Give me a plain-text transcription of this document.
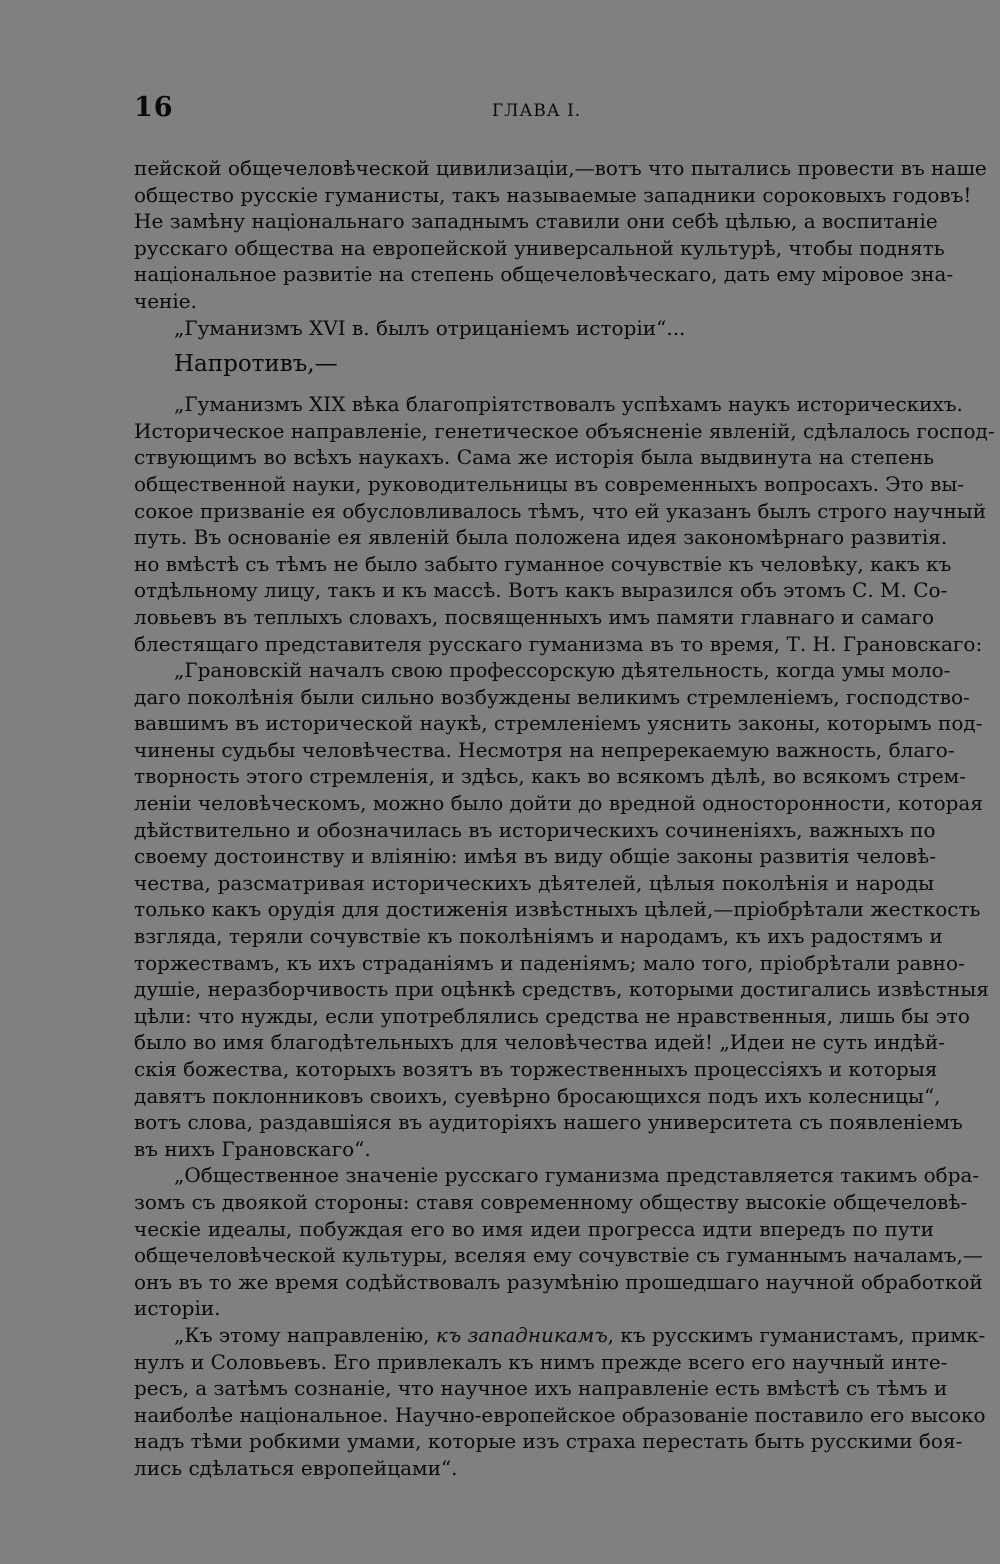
16	ГЛАВА I.
пейской общечеловѣческой цивилизаціи,—вотъ что пытались провести въ наше
общество русскіе гуманисты, такъ называемые западники сороковыхъ годовъ!
Не замѣну національнаго западнымъ ставили они себѣ цѣлью, а воспитаніе
русскаго общества на европейской универсальной культурѣ, чтобы поднять
національное развитіе на степень общечеловѣческаго, дать ему міровое зна-
ченіе.
„Гуманизмъ XVI в. былъ отрицаніемъ исторіи“...
Напротивъ,—
„Гуманизмъ XIX вѣка благопріятствовалъ успѣхамъ наукъ историческихъ.
Историческое направленіе, генетическое объясненіе явленій, сдѣлалось господ-
ствующимъ во всѣхъ наукахъ. Сама же исторія была выдвинута на степень
общественной науки, руководительницы въ современныхъ вопросахъ. Это вы-
сокое призваніе ея обусловливалось тѣмъ, что ей указанъ былъ строго научный
путь. Въ основаніе ея явленій была положена идея закономѣрнаго развитія.
но вмѣстѣ съ тѣмъ не было забыто гуманное сочувствіе къ человѣку, какъ къ
отдѣльному лицу, такъ и къ массѣ. Вотъ какъ выразился объ этомъ С. М. Со-
ловьевъ въ теплыхъ словахъ, посвященныхъ имъ памяти главнаго и самаго
блестящаго представителя русскаго гуманизма въ то время, Т. Н. Грановскаго:
„Грановскій началъ свою профессорскую дѣятельность, когда умы моло-
даго поколѣнія были сильно возбуждены великимъ стремленіемъ, господство-
вавшимъ въ исторической наукѣ, стремленіемъ уяснить законы, которымъ под-
чинены судьбы человѣчества. Несмотря на непререкаемую важность, благо-
творность этого стремленія, и здѣсь, какъ во всякомъ дѣлѣ, во всякомъ стрем-
леніи человѣческомъ, можно было дойти до вредной односторонности, которая
дѣйствительно и обозначилась въ историческихъ сочиненіяхъ, важныхъ по
своему достоинству и вліянію: имѣя въ виду общіе законы развитія человѣ-
чества, разсматривая историческихъ дѣятелей, цѣлыя поколѣнія и народы
только какъ орудія для достиженія извѣстныхъ цѣлей,—пріобрѣтали жесткость
взгляда, теряли сочувствіе къ поколѣніямъ и народамъ, къ ихъ радостямъ и
торжествамъ, къ ихъ страданіямъ и паденіямъ; мало того, пріобрѣтали равно-
душіе, неразборчивость при оцѣнкѣ средствъ, которыми достигались извѣстныя
цѣли: что нужды, если употреблялись средства не нравственныя, лишь бы это
было во имя благодѣтельныхъ для человѣчества идей! „Идеи не суть индѣй-
скія божества, которыхъ возятъ въ торжественныхъ процессіяхъ и которыя
давятъ поклонниковъ своихъ, суевѣрно бросающихся подъ ихъ колесницы“,
вотъ слова, раздавшіяся въ аудиторіяхъ нашего университета съ появленіемъ
въ нихъ Грановскаго“.
„Общественное значеніе русскаго гуманизма представляется такимъ обра-
зомъ съ двоякой стороны: ставя современному обществу высокіе общечеловѣ-
ческіе идеалы, побуждая его во имя идеи прогресса идти впередъ по пути
общечеловѣческой культуры, вселяя ему сочувствіе съ гуманнымъ началамъ,—
онъ въ то же время содѣйствовалъ разумѣнію прошедшаго научной обработкой
исторіи.
„Къ этому направленію, къ западникамъ, къ русскимъ гуманистамъ, примк-
нулъ и Соловьевъ. Его привлекалъ къ нимъ прежде всего его научный инте-
ресъ, а затѣмъ сознаніе, что научное ихъ направленіе есть вмѣстѣ съ тѣмъ и
наиболѣе національное. Научно-европейское образованіе поставило его высоко
надъ тѣми робкими умами, которые изъ страха перестать быть русскими боя-
лись сдѣлаться европейцами“.
